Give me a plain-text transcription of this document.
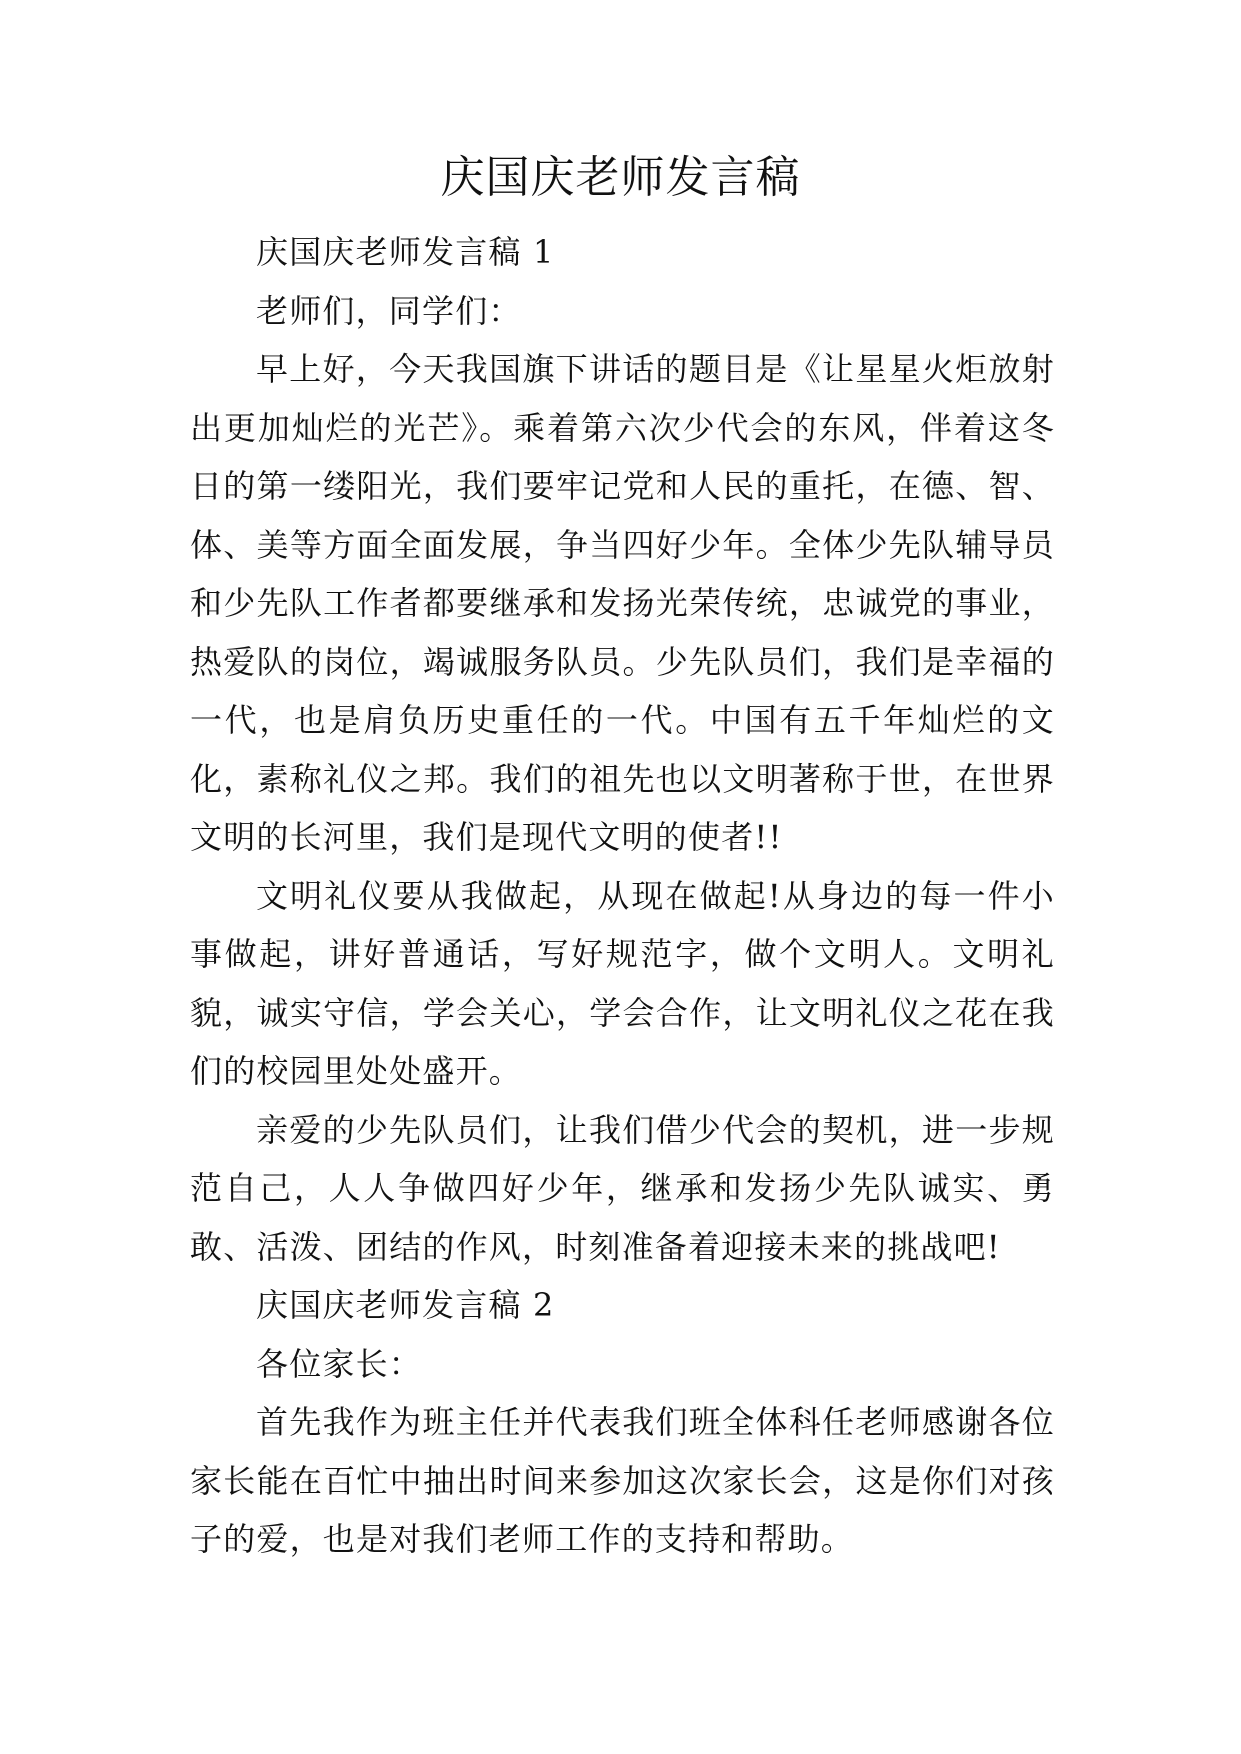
庆国庆老师发言稿

庆国庆老师发言稿 1

老师们，同学们：

早上好，今天我国旗下讲话的题目是《让星星火炬放射出更加灿烂的光芒》。乘着第六次少代会的东风，伴着这冬日的第一缕阳光，我们要牢记党和人民的重托，在德、智、体、美等方面全面发展，争当四好少年。全体少先队辅导员和少先队工作者都要继承和发扬光荣传统，忠诚党的事业，热爱队的岗位，竭诚服务队员。少先队员们，我们是幸福的一代，也是肩负历史重任的一代。中国有五千年灿烂的文化，素称礼仪之邦。我们的祖先也以文明著称于世，在世界文明的长河里，我们是现代文明的使者!!

文明礼仪要从我做起，从现在做起!从身边的每一件小事做起，讲好普通话，写好规范字，做个文明人。文明礼貌，诚实守信，学会关心，学会合作，让文明礼仪之花在我们的校园里处处盛开。

亲爱的少先队员们，让我们借少代会的契机，进一步规范自己，人人争做四好少年，继承和发扬少先队诚实、勇敢、活泼、团结的作风，时刻准备着迎接未来的挑战吧!

庆国庆老师发言稿 2

各位家长：

首先我作为班主任并代表我们班全体科任老师感谢各位家长能在百忙中抽出时间来参加这次家长会，这是你们对孩子的爱，也是对我们老师工作的支持和帮助。
